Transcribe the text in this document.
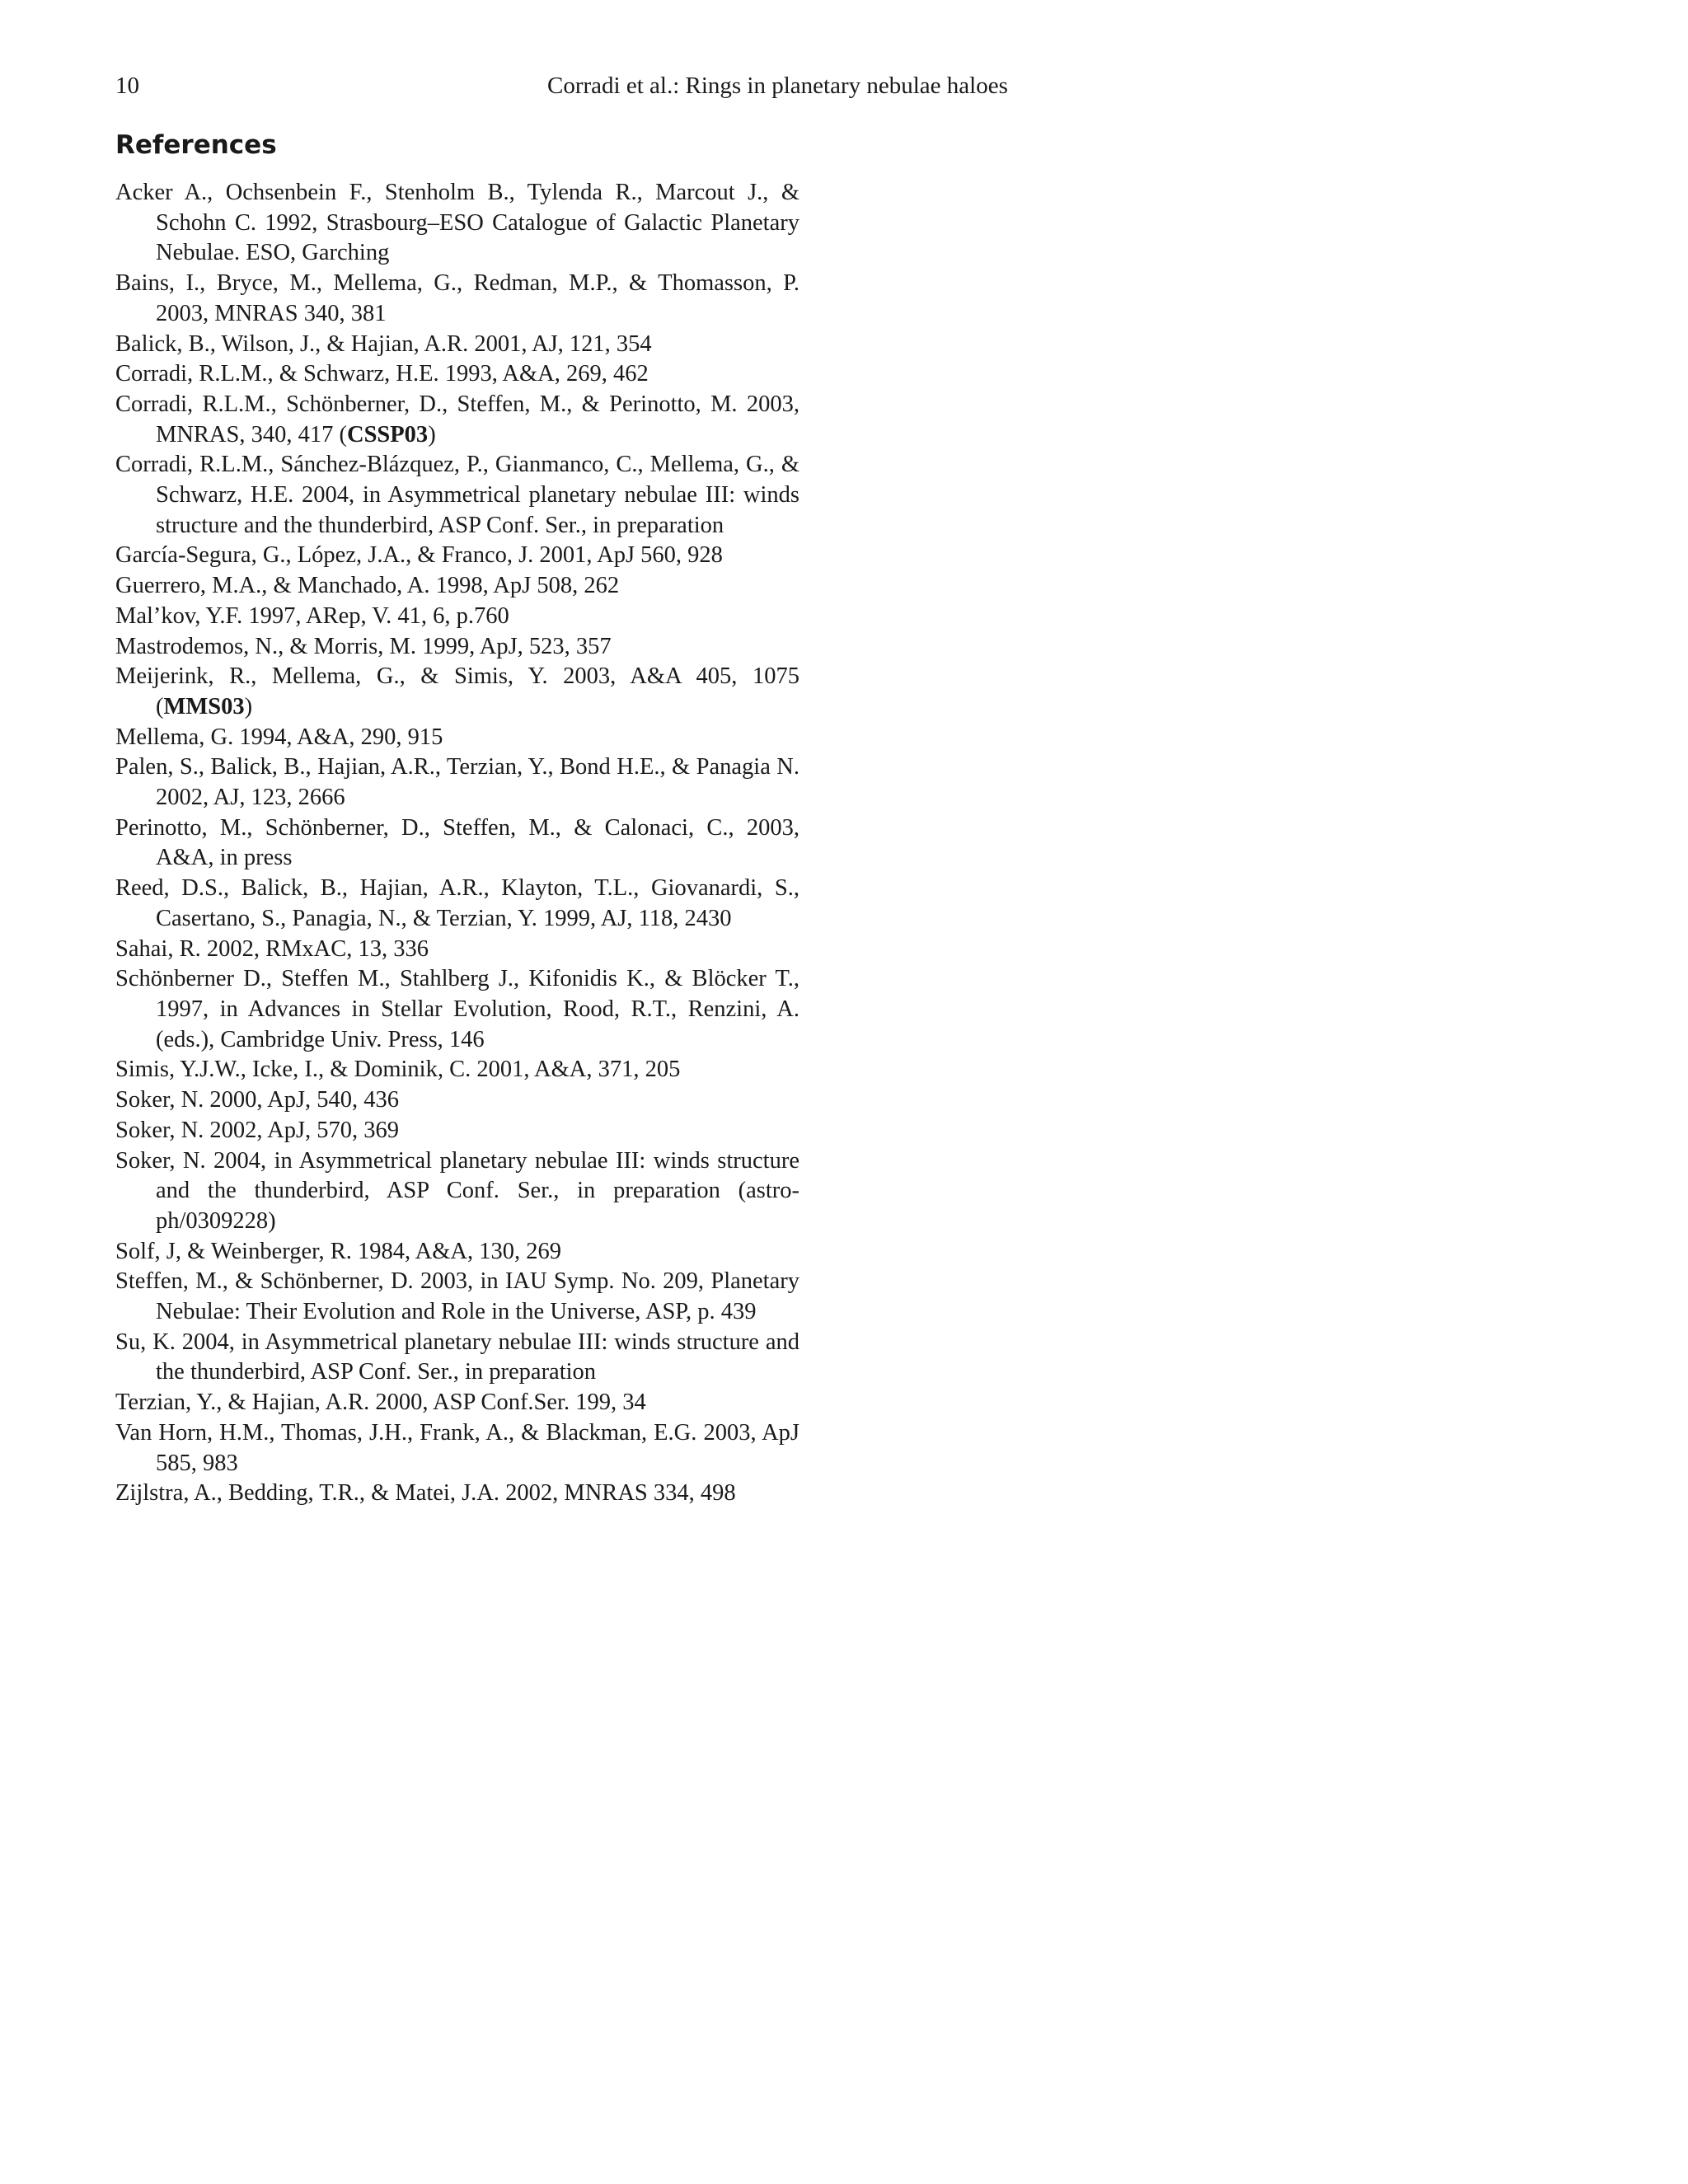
10	Corradi et al.: Rings in planetary nebulae haloes
References
Acker A., Ochsenbein F., Stenholm B., Tylenda R., Marcout J., & Schohn C. 1992, Strasbourg–ESO Catalogue of Galactic Planetary Nebulae. ESO, Garching
Bains, I., Bryce, M., Mellema, G., Redman, M.P., & Thomasson, P. 2003, MNRAS 340, 381
Balick, B., Wilson, J., & Hajian, A.R. 2001, AJ, 121, 354
Corradi, R.L.M., & Schwarz, H.E. 1993, A&A, 269, 462
Corradi, R.L.M., Schönberner, D., Steffen, M., & Perinotto, M. 2003, MNRAS, 340, 417 (CSSP03)
Corradi, R.L.M., Sánchez-Blázquez, P., Gianmanco, C., Mellema, G., & Schwarz, H.E. 2004, in Asymmetrical planetary nebulae III: winds structure and the thunderbird, ASP Conf. Ser., in preparation
García-Segura, G., López, J.A., & Franco, J. 2001, ApJ 560, 928
Guerrero, M.A., & Manchado, A. 1998, ApJ 508, 262
Mal’kov, Y.F. 1997, ARep, V. 41, 6, p.760
Mastrodemos, N., & Morris, M. 1999, ApJ, 523, 357
Meijerink, R., Mellema, G., & Simis, Y. 2003, A&A 405, 1075 (MMS03)
Mellema, G. 1994, A&A, 290, 915
Palen, S., Balick, B., Hajian, A.R., Terzian, Y., Bond H.E., & Panagia N. 2002, AJ, 123, 2666
Perinotto, M., Schönberner, D., Steffen, M., & Calonaci, C., 2003, A&A, in press
Reed, D.S., Balick, B., Hajian, A.R., Klayton, T.L., Giovanardi, S., Casertano, S., Panagia, N., & Terzian, Y. 1999, AJ, 118, 2430
Sahai, R. 2002, RMxAC, 13, 336
Schönberner D., Steffen M., Stahlberg J., Kifonidis K., & Blöcker T., 1997, in Advances in Stellar Evolution, Rood, R.T., Renzini, A. (eds.), Cambridge Univ. Press, 146
Simis, Y.J.W., Icke, I., & Dominik, C. 2001, A&A, 371, 205
Soker, N. 2000, ApJ, 540, 436
Soker, N. 2002, ApJ, 570, 369
Soker, N. 2004, in Asymmetrical planetary nebulae III: winds structure and the thunderbird, ASP Conf. Ser., in preparation (astro-ph/0309228)
Solf, J, & Weinberger, R. 1984, A&A, 130, 269
Steffen, M., & Schönberner, D. 2003, in IAU Symp. No. 209, Planetary Nebulae: Their Evolution and Role in the Universe, ASP, p. 439
Su, K. 2004, in Asymmetrical planetary nebulae III: winds structure and the thunderbird, ASP Conf. Ser., in preparation
Terzian, Y., & Hajian, A.R. 2000, ASP Conf.Ser. 199, 34
Van Horn, H.M., Thomas, J.H., Frank, A., & Blackman, E.G. 2003, ApJ 585, 983
Zijlstra, A., Bedding, T.R., & Matei, J.A. 2002, MNRAS 334, 498
